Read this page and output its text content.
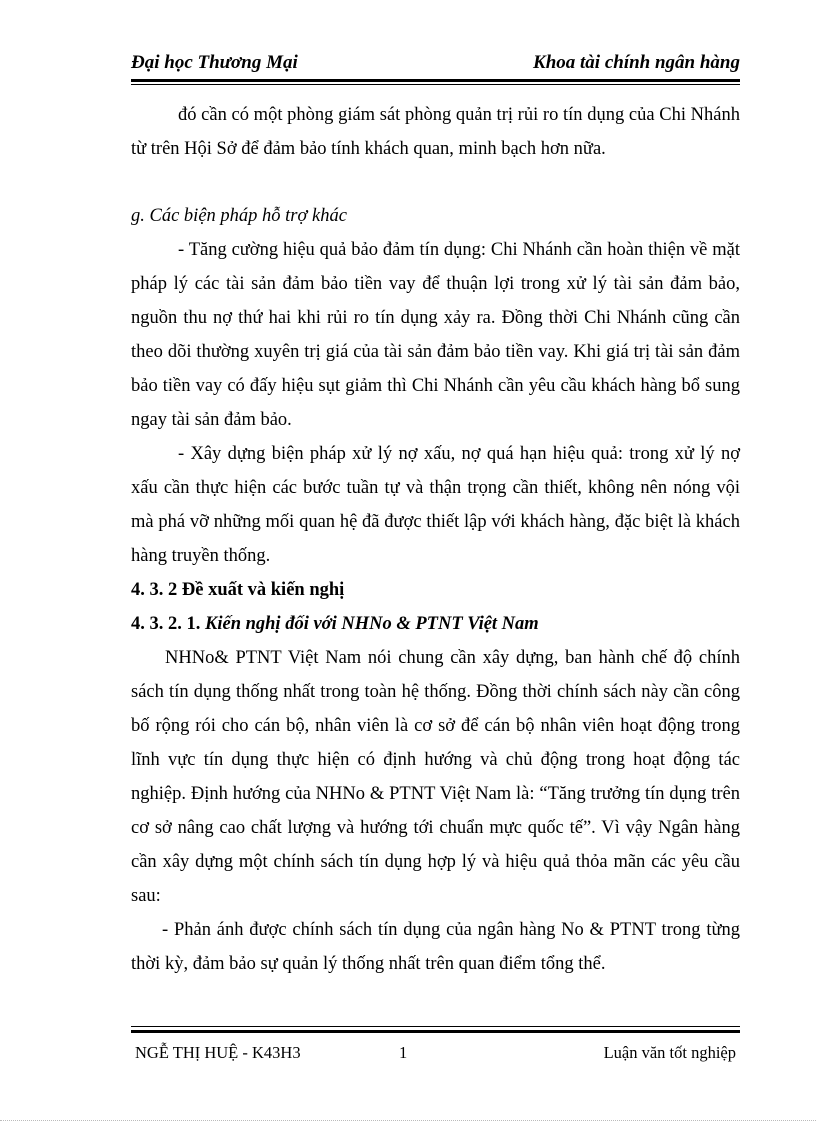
Đại học Thương Mại	Khoa tài chính ngân hàng

đó cần có một phòng giám sát phòng quản trị rủi ro tín dụng của Chi Nhánh từ trên Hội Sở để đảm bảo tính khách quan, minh bạch hơn nữa.

g. Các biện pháp hỗ trợ khác

- Tăng cường hiệu quả bảo đảm tín dụng: Chi Nhánh cần hoàn thiện về mặt pháp lý các tài sản đảm bảo tiền vay để thuận lợi trong xử lý tài sản đảm bảo, nguồn thu nợ thứ hai khi rủi ro tín dụng xảy ra. Đồng thời Chi Nhánh cũng cần theo dõi thường xuyên trị giá của tài sản đảm bảo tiền vay. Khi giá trị tài sản đảm bảo tiền vay có đấy hiệu sụt giảm thì Chi Nhánh cần yêu cầu khách hàng bổ sung ngay tài sản đảm bảo.

- Xây dựng biện pháp xử lý nợ xấu, nợ quá hạn hiệu quả: trong xử lý nợ xấu cần thực hiện các bước tuần tự và thận trọng cần thiết, không nên nóng vội mà phá vỡ những mối quan hệ đã được thiết lập với khách hàng, đặc biệt là khách hàng truyền thống.

4. 3. 2 Đề xuất và kiến nghị

4. 3. 2. 1. Kiến nghị đối với NHNo & PTNT Việt Nam

NHNo& PTNT Việt Nam nói chung cần xây dựng, ban hành chế độ chính sách tín dụng thống nhất trong toàn hệ thống. Đồng thời chính sách này cần công bố rộng rói cho cán bộ, nhân viên là cơ sở để cán bộ nhân viên hoạt động trong lĩnh vực tín dụng thực hiện có định hướng và chủ động trong hoạt động tác nghiệp. Định hướng của NHNo & PTNT Việt Nam là: “Tăng trưởng tín dụng trên cơ sở nâng cao chất lượng và hướng tới chuẩn mực quốc tế”. Vì vậy Ngân hàng cần xây dựng một chính sách tín dụng hợp lý và hiệu quả thỏa mãn các yêu cầu sau:

- Phản ánh được chính sách tín dụng của ngân hàng No & PTNT trong từng thời kỳ, đảm bảo sự quản lý thống nhất trên quan điểm tổng thể.

NGỄ THỊ HUỆ - K43H3	1	Luận văn tốt nghiệp
